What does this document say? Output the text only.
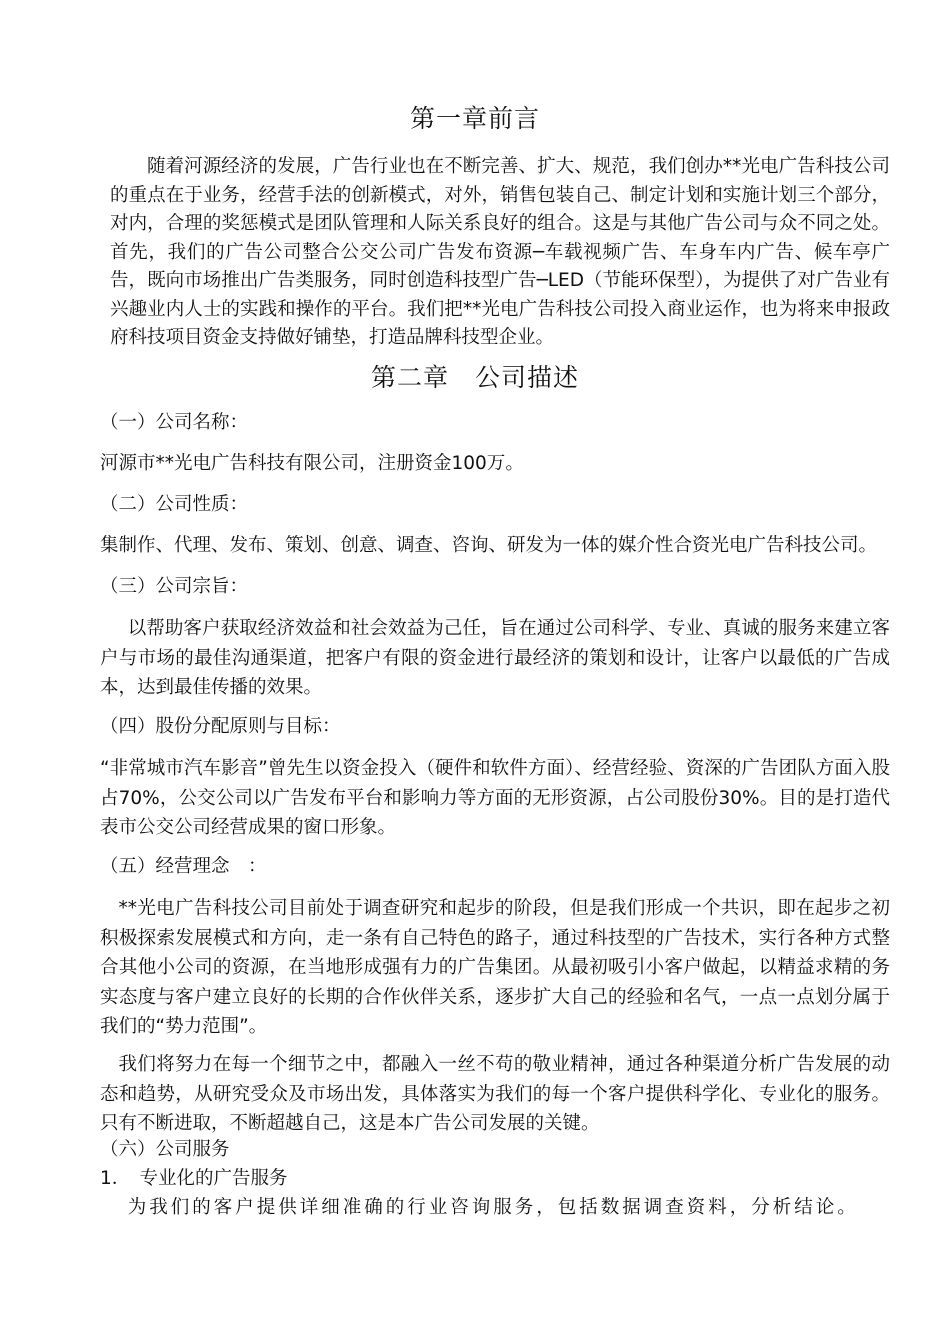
第一章前言

随着河源经济的发展，广告行业也在不断完善、扩大、规范，我们创办**光电广告科技公司的重点在于业务，经营手法的创新模式，对外，销售包装自己、制定计划和实施计划三个部分，对内，合理的奖惩模式是团队管理和人际关系良好的组合。这是与其他广告公司与众不同之处。首先，我们的广告公司整合公交公司广告发布资源─车载视频广告、车身车内广告、候车亭广告，既向市场推出广告类服务，同时创造科技型广告─LED（节能环保型），为提供了对广告业有兴趣业内人士的实践和操作的平台。我们把**光电广告科技公司投入商业运作，也为将来申报政府科技项目资金支持做好铺垫，打造品牌科技型企业。

第二章　公司描述

（一）公司名称：

河源市**光电广告科技有限公司，注册资金100万。

（二）公司性质：

集制作、代理、发布、策划、创意、调查、咨询、研发为一体的媒介性合资光电广告科技公司。

（三）公司宗旨：

以帮助客户获取经济效益和社会效益为己任，旨在通过公司科学、专业、真诚的服务来建立客户与市场的最佳沟通渠道，把客户有限的资金进行最经济的策划和设计，让客户以最低的广告成本，达到最佳传播的效果。

（四）股份分配原则与目标：

“非常城市汽车影音”曾先生以资金投入（硬件和软件方面）、经营经验、资深的广告团队方面入股占70%，公交公司以广告发布平台和影响力等方面的无形资源，占公司股份30%。目的是打造代表市公交公司经营成果的窗口形象。

（五）经营理念　：

**光电广告科技公司目前处于调查研究和起步的阶段，但是我们形成一个共识，即在起步之初积极探索发展模式和方向，走一条有自己特色的路子，通过科技型的广告技术，实行各种方式整合其他小公司的资源，在当地形成强有力的广告集团。从最初吸引小客户做起，以精益求精的务实态度与客户建立良好的长期的合作伙伴关系，逐步扩大自己的经验和名气，一点一点划分属于我们的“势力范围”。

我们将努力在每一个细节之中，都融入一丝不苟的敬业精神，通过各种渠道分析广告发展的动态和趋势，从研究受众及市场出发，具体落实为我们的每一个客户提供科学化、专业化的服务。只有不断进取，不断超越自己，这是本广告公司发展的关键。

（六）公司服务

1．　专业化的广告服务

为我们的客户提供详细准确的行业咨询服务，包括数据调查资料，分析结论。
